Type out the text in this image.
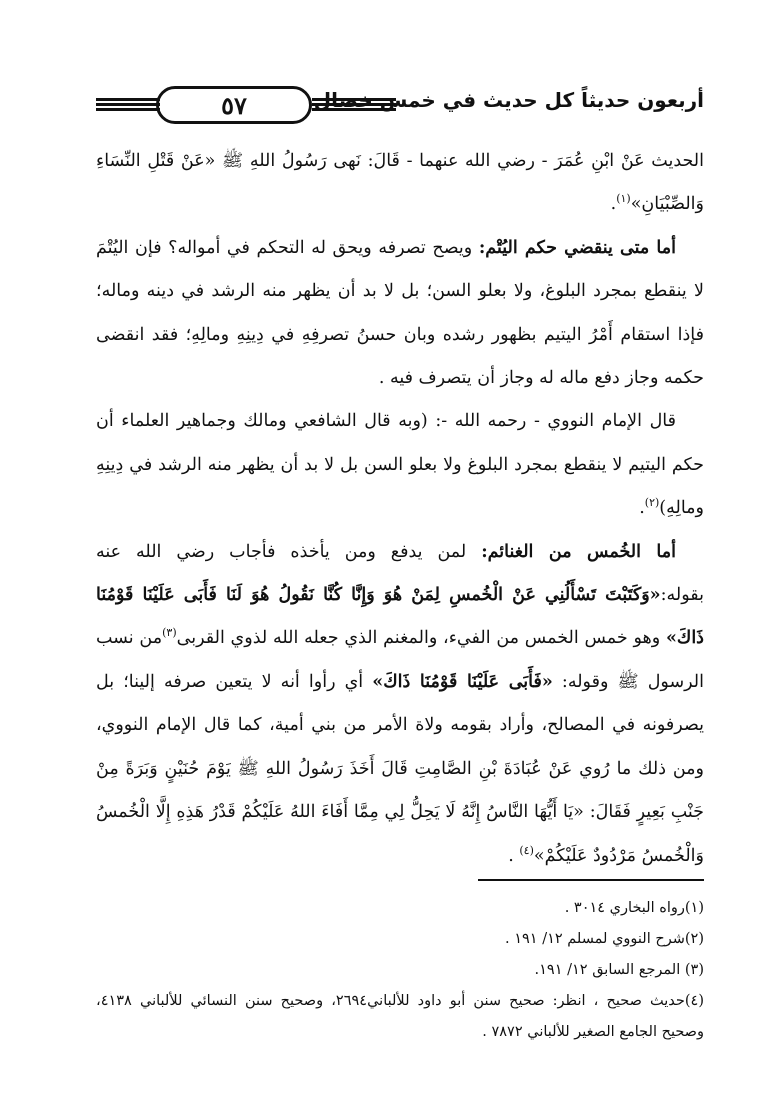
٥٧	أربعون حديثاً كل حديث في خمس خصال

الحديث عَنْ ابْنِ عُمَرَ - رضي الله عنهما - قَالَ: نَهى رَسُولُ اللهِ ﷺ «عَنْ قَتْلِ النِّسَاءِ وَالصِّبْيَانِ»$^{(١)}$.

أما متى ينقضي حكم اليُتْم: ويصح تصرفه ويحق له التحكم في أمواله؟ فإن اليُتْمَ لا ينقطع بمجرد البلوغ، ولا بعلو السن؛ بل لا بد أن يظهر منه الرشد في دينه وماله؛ فإذا استقام أَمْرُ اليتيم بظهور رشده وبان حسنُ تصرفِهِ في دِينِهِ ومالِهِ؛ فقد انقضى حكمه وجاز دفع ماله له وجاز أن يتصرف فيه .

قال الإمام النووي - رحمه الله -: (وبه قال الشافعي ومالك وجماهير العلماء أن حكم اليتيم لا ينقطع بمجرد البلوغ ولا بعلو السن بل لا بد أن يظهر منه الرشد في دِينِهِ ومالِهِ)$^{(٢)}$.

أما الخُمس من الغنائم: لمن يدفع ومن يأخذه فأجاب رضي الله عنه بقوله:«وَكَتَبْتَ تَسْأَلُنِي عَنْ الْخُمسِ لِمَنْ هُوَ وَإِنَّا كُنَّا نَقُولُ هُوَ لَنَا فَأَبَى عَلَيْنَا قَوْمُنَا ذَاكَ» وهو خمس الخمس من الفيء، والمغنم الذي جعله الله لذوي القربى$^{(٣)}$من نسب الرسول ﷺ وقوله: «فَأَبَى عَلَيْنَا قَوْمُنَا ذَاكَ» أي رأوا أنه لا يتعين صرفه إلينا؛ بل يصرفونه في المصالح، وأراد بقومه ولاة الأمر من بني أمية، كما قال الإمام النووي، ومن ذلك ما رُوي عَنْ عُبَادَةَ بْنِ الصَّامِتِ قَالَ أَخَذَ رَسُولُ اللهِ ﷺ يَوْمَ حُنَيْنٍ وَبَرَةً مِنْ جَنْبِ بَعِيرٍ فَقَالَ: «يَا أَيُّهَا النَّاسُ إِنَّهُ لَا يَحِلُّ لِي مِمَّا أَفَاءَ اللهُ عَلَيْكُمْ قَدْرُ هَذِهِ إِلَّا الْخُمسُ وَالْخُمسُ مَرْدُودٌ عَلَيْكُمْ»$^{(٤)}$ .

(١)رواه البخاري ٣٠١٤ .

(٢)شرح النووي لمسلم ١٢/ ١٩١ .

(٣) المرجع السابق ١٢/ ١٩١.

(٤)حديث صحيح ، انظر: صحيح سنن أبو داود للألباني٢٦٩٤، وصحيح سنن النسائي للألباني ٤١٣٨، وصحيح الجامع الصغير للألباني ٧٨٧٢ .
